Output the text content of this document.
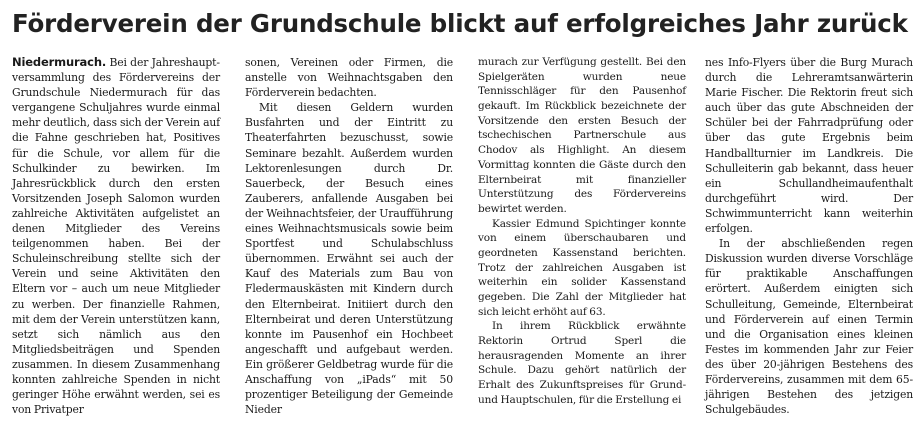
Förderverein der Grundschule blickt auf erfolgreiches Jahr zurück

Niedermurach. Bei der Jahreshauptversammlung des Fördervereins der Grundschule Niedermurach für das vergangene Schuljahres wurde einmal mehr deutlich, dass sich der Verein auf die Fahne geschrieben hat, Positives für die Schule, vor allem für die Schulkinder zu bewirken. Im Jahresrückblick durch den ersten Vorsitzenden Joseph Salomon wurden zahlreiche Aktivitäten aufgelistet an denen Mitglieder des Vereins teilgenommen haben. Bei der Schuleinschreibung stellte sich der Verein und seine Aktivitäten den Eltern vor – auch um neue Mitglieder zu werben. Der finanzielle Rahmen, mit dem der Verein unterstützen kann, setzt sich nämlich aus den Mitgliedsbeiträgen und Spenden zusammen. In diesem Zusammenhang konnten zahlreiche Spenden in nicht geringer Höhe erwähnt werden, sei es von Privatper

sonen, Vereinen oder Firmen, die anstelle von Weihnachtsgaben den Förderverein bedachten.

Mit diesen Geldern wurden Busfahrten und der Eintritt zu Theaterfahrten bezuschusst, sowie Seminare bezahlt. Außerdem wurden Lektorenlesungen durch Dr. Sauerbeck, der Besuch eines Zauberers, anfallende Ausgaben bei der Weihnachtsfeier, der Uraufführung eines Weihnachtsmusicals sowie beim Sportfest und Schulabschluss übernommen. Erwähnt sei auch der Kauf des Materials zum Bau von Fledermauskästen mit Kindern durch den Elternbeirat. Initiiert durch den Elternbeirat und deren Unterstützung konnte im Pausenhof ein Hochbeet angeschafft und aufgebaut werden. Ein größerer Geldbetrag wurde für die Anschaffung von „iPads“ mit 50 prozentiger Beteiligung der Gemeinde Nieder

murach zur Verfügung gestellt. Bei den Spielgeräten wurden neue Tennisschläger für den Pausenhof gekauft. Im Rückblick bezeichnete der Vorsitzende den ersten Besuch der tschechischen Partnerschule aus Chodov als Highlight. An diesem Vormittag konnten die Gäste durch den Elternbeirat mit finanzieller Unterstützung des Fördervereins bewirtet werden.

Kassier Edmund Spichtinger konnte von einem überschaubaren und geordneten Kassenstand berichten. Trotz der zahlreichen Ausgaben ist weiterhin ein solider Kassenstand gegeben. Die Zahl der Mitglieder hat sich leicht erhöht auf 63.

In ihrem Rückblick erwähnte Rektorin Ortrud Sperl die herausragenden Momente an ihrer Schule. Dazu gehört natürlich der Erhalt des Zukunftspreises für Grund- und Hauptschulen, für die Erstellung ei

nes Info-Flyers über die Burg Murach durch die Lehreramtsanwärterin Marie Fischer. Die Rektorin freut sich auch über das gute Abschneiden der Schüler bei der Fahrradprüfung oder über das gute Ergebnis beim Handballturnier im Landkreis. Die Schulleiterin gab bekannt, dass heuer ein Schullandheimaufenthalt durchgeführt wird. Der Schwimmunterricht kann weiterhin erfolgen.

In der abschließenden regen Diskussion wurden diverse Vorschläge für praktikable Anschaffungen erörtert. Außerdem einigten sich Schulleitung, Gemeinde, Elternbeirat und Förderverein auf einen Termin und die Organisation eines kleinen Festes im kommenden Jahr zur Feier des über 20-jährigen Bestehens des Fördervereins, zusammen mit dem 65-jährigen Bestehen des jetzigen Schulgebäudes.
